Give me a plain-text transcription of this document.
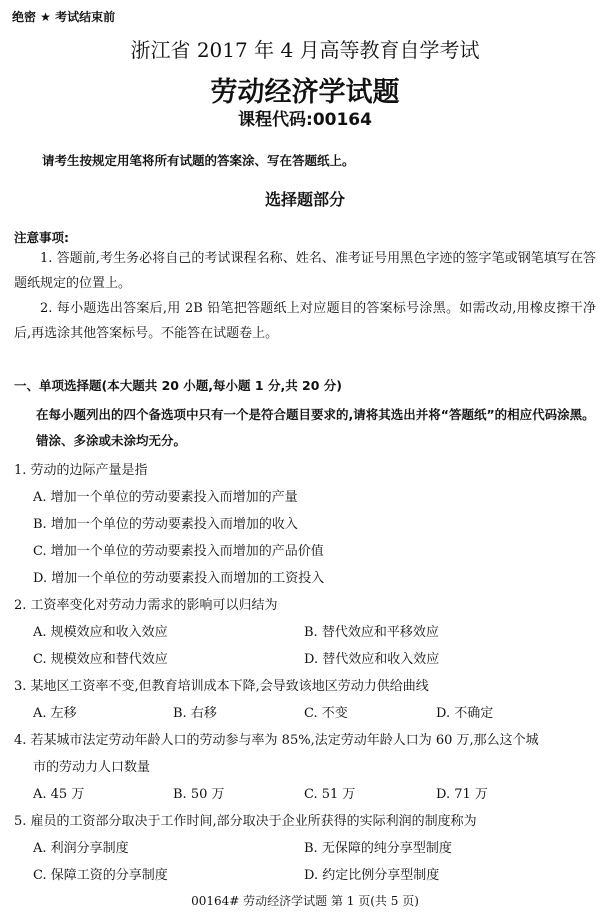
绝密 ★ 考试结束前
浙江省 2017 年 4 月高等教育自学考试
劳动经济学试题
课程代码:00164
请考生按规定用笔将所有试题的答案涂、写在答题纸上。
选择题部分
注意事项:
1. 答题前,考生务必将自己的考试课程名称、姓名、准考证号用黑色字迹的签字笔或钢笔填写在答题纸规定的位置上。
2. 每小题选出答案后,用 2B 铅笔把答题纸上对应题目的答案标号涂黑。如需改动,用橡皮擦干净后,再选涂其他答案标号。不能答在试题卷上。
一、单项选择题(本大题共 20 小题,每小题 1 分,共 20 分)
在每小题列出的四个备选项中只有一个是符合题目要求的,请将其选出并将“答题纸”的相应代码涂黑。错涂、多涂或未涂均无分。
1. 劳动的边际产量是指
A. 增加一个单位的劳动要素投入而增加的产量
B. 增加一个单位的劳动要素投入而增加的收入
C. 增加一个单位的劳动要素投入而增加的产品价值
D. 增加一个单位的劳动要素投入而增加的工资投入
2. 工资率变化对劳动力需求的影响可以归结为
A. 规模效应和收入效应	B. 替代效应和平移效应
C. 规模效应和替代效应	D. 替代效应和收入效应
3. 某地区工资率不变,但教育培训成本下降,会导致该地区劳动力供给曲线
A. 左移	B. 右移	C. 不变	D. 不确定
4. 若某城市法定劳动年龄人口的劳动参与率为 85%,法定劳动年龄人口为 60 万,那么这个城
市的劳动力人口数量
A. 45 万	B. 50 万	C. 51 万	D. 71 万
5. 雇员的工资部分取决于工作时间,部分取决于企业所获得的实际利润的制度称为
A. 利润分享制度	B. 无保障的纯分享型制度
C. 保障工资的分享制度	D. 约定比例分享型制度
00164# 劳动经济学试题 第 1 页(共 5 页)
